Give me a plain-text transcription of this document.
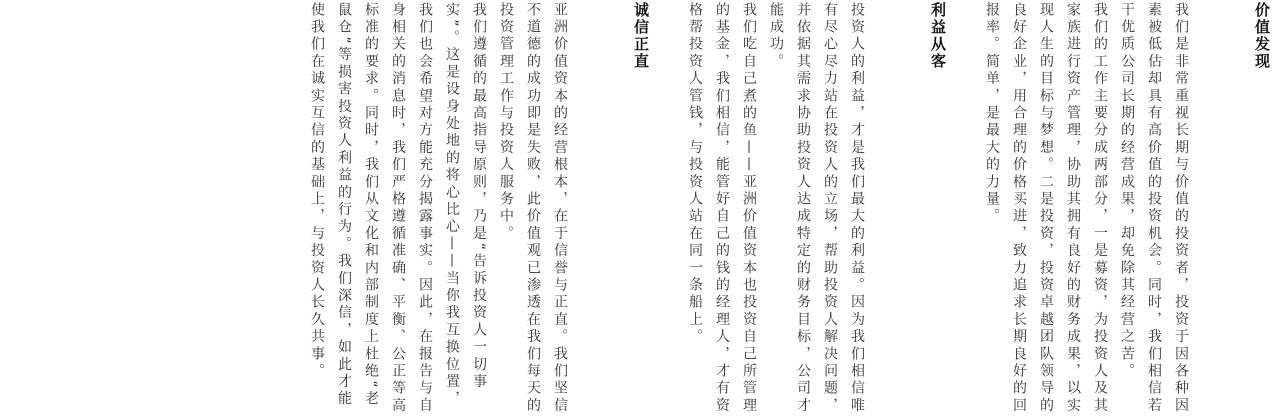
价值发现

我们是非常重视长期与价值的投资者，投资于因各种因素被低估却具有高价值的投资机会。同时，我们相信若干优质公司长期的经营成果，却免除其经营之苦。

我们的工作主要分成两部分，一是募资，为投资人及其家族进行资产管理，协助其拥有良好的财务成果，以实现人生的目标与梦想。二是投资，投资卓越团队领导的良好企业，用合理的价格买进，致力追求长期良好的回报率。简单，是最大的力量。

利益从客

投资人的利益，才是我们最大的利益。因为我们相信唯有尽心尽力站在投资人的立场，帮助投资人解决问题，并依据其需求协助投资人达成特定的财务目标，公司才能成功。

我们吃自己煮的鱼——亚洲价值资本也投资自己所管理的基金，我们相信，能管好自己的钱的经理人，才有资格帮投资人管钱，与投资人站在同一条船上。

诚信正直

亚洲价值资本的经营根本，在于信誉与正直。我们坚信不道德的成功即是失败，此价值观已渗透在我们每天的投资管理工作与投资人服务中。

我们遵循的最高指导原则，乃是“告诉投资人一切事实”。这是设身处地的将心比心——当你我互换位置，我们也会希望对方能充分揭露事实。因此，在报告与自身相关的消息时，我们严格遵循准确、平衡、公正等高标准的要求。同时，我们从文化和内部制度上杜绝“老鼠仓”等损害投资人利益的行为。我们深信，如此才能使我们在诚实互信的基础上，与投资人长久共事。
